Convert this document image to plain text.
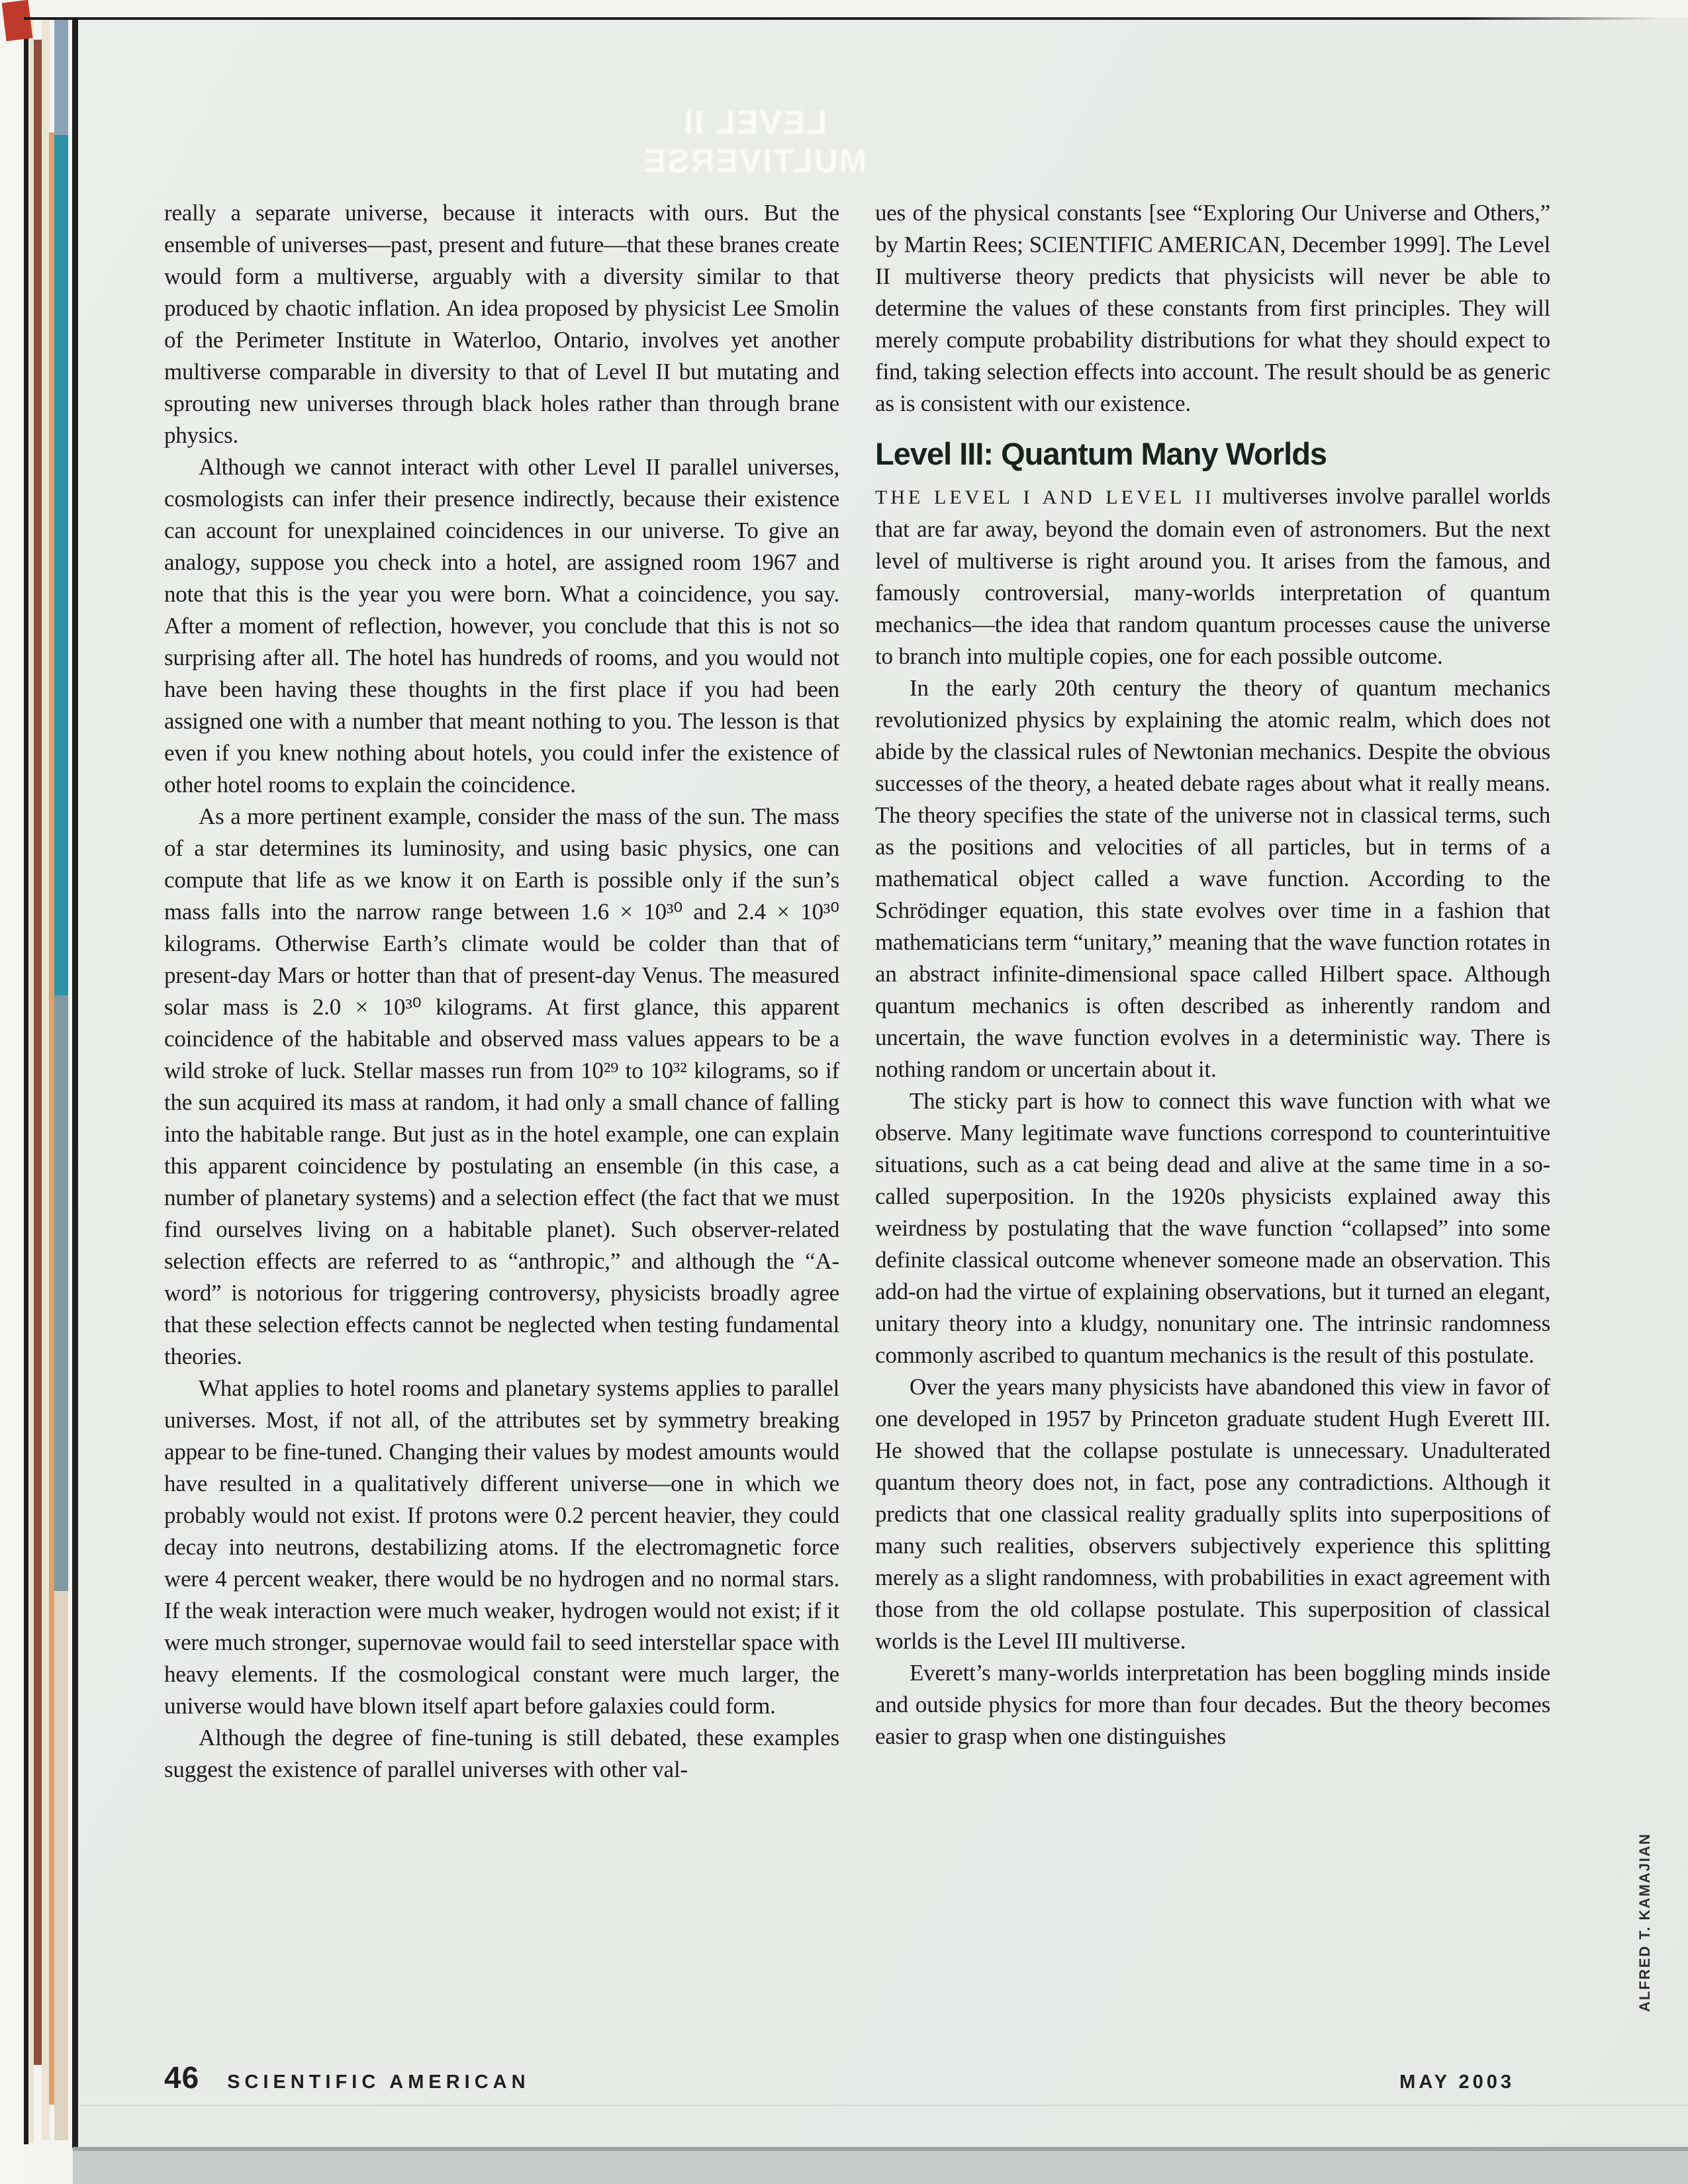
LEVEL II MULTIVERSE

really a separate universe, because it interacts with ours. But the ensemble of universes—past, present and future—that these branes create would form a multiverse, arguably with a diversity similar to that produced by chaotic inflation. An idea proposed by physicist Lee Smolin of the Perimeter Institute in Waterloo, Ontario, involves yet another multiverse comparable in diversity to that of Level II but mutating and sprouting new universes through black holes rather than through brane physics.

Although we cannot interact with other Level II parallel universes, cosmologists can infer their presence indirectly, because their existence can account for unexplained coincidences in our universe. To give an analogy, suppose you check into a hotel, are assigned room 1967 and note that this is the year you were born. What a coincidence, you say. After a moment of reflection, however, you conclude that this is not so surprising after all. The hotel has hundreds of rooms, and you would not have been having these thoughts in the first place if you had been assigned one with a number that meant nothing to you. The lesson is that even if you knew nothing about hotels, you could infer the existence of other hotel rooms to explain the coincidence.

As a more pertinent example, consider the mass of the sun. The mass of a star determines its luminosity, and using basic physics, one can compute that life as we know it on Earth is possible only if the sun’s mass falls into the narrow range between 1.6 × 10³⁰ and 2.4 × 10³⁰ kilograms. Otherwise Earth’s climate would be colder than that of present-day Mars or hotter than that of present-day Venus. The measured solar mass is 2.0 × 10³⁰ kilograms. At first glance, this apparent coincidence of the habitable and observed mass values appears to be a wild stroke of luck. Stellar masses run from 10²⁹ to 10³² kilograms, so if the sun acquired its mass at random, it had only a small chance of falling into the habitable range. But just as in the hotel example, one can explain this apparent coincidence by postulating an ensemble (in this case, a number of planetary systems) and a selection effect (the fact that we must find ourselves living on a habitable planet). Such observer-related selection effects are referred to as “anthropic,” and although the “A-word” is notorious for triggering controversy, physicists broadly agree that these selection effects cannot be neglected when testing fundamental theories.

What applies to hotel rooms and planetary systems applies to parallel universes. Most, if not all, of the attributes set by symmetry breaking appear to be fine-tuned. Changing their values by modest amounts would have resulted in a qualitatively different universe—one in which we probably would not exist. If protons were 0.2 percent heavier, they could decay into neutrons, destabilizing atoms. If the electromagnetic force were 4 percent weaker, there would be no hydrogen and no normal stars. If the weak interaction were much weaker, hydrogen would not exist; if it were much stronger, supernovae would fail to seed interstellar space with heavy elements. If the cosmological constant were much larger, the universe would have blown itself apart before galaxies could form.

Although the degree of fine-tuning is still debated, these examples suggest the existence of parallel universes with other val-

ues of the physical constants [see “Exploring Our Universe and Others,” by Martin Rees; SCIENTIFIC AMERICAN, December 1999]. The Level II multiverse theory predicts that physicists will never be able to determine the values of these constants from first principles. They will merely compute probability distributions for what they should expect to find, taking selection effects into account. The result should be as generic as is consistent with our existence.

Level III: Quantum Many Worlds

THE LEVEL I AND LEVEL II multiverses involve parallel worlds that are far away, beyond the domain even of astronomers. But the next level of multiverse is right around you. It arises from the famous, and famously controversial, many-worlds interpretation of quantum mechanics—the idea that random quantum processes cause the universe to branch into multiple copies, one for each possible outcome.

In the early 20th century the theory of quantum mechanics revolutionized physics by explaining the atomic realm, which does not abide by the classical rules of Newtonian mechanics. Despite the obvious successes of the theory, a heated debate rages about what it really means. The theory specifies the state of the universe not in classical terms, such as the positions and velocities of all particles, but in terms of a mathematical object called a wave function. According to the Schrödinger equation, this state evolves over time in a fashion that mathematicians term “unitary,” meaning that the wave function rotates in an abstract infinite-dimensional space called Hilbert space. Although quantum mechanics is often described as inherently random and uncertain, the wave function evolves in a deterministic way. There is nothing random or uncertain about it.

The sticky part is how to connect this wave function with what we observe. Many legitimate wave functions correspond to counterintuitive situations, such as a cat being dead and alive at the same time in a so-called superposition. In the 1920s physicists explained away this weirdness by postulating that the wave function “collapsed” into some definite classical outcome whenever someone made an observation. This add-on had the virtue of explaining observations, but it turned an elegant, unitary theory into a kludgy, nonunitary one. The intrinsic randomness commonly ascribed to quantum mechanics is the result of this postulate.

Over the years many physicists have abandoned this view in favor of one developed in 1957 by Princeton graduate student Hugh Everett III. He showed that the collapse postulate is unnecessary. Unadulterated quantum theory does not, in fact, pose any contradictions. Although it predicts that one classical reality gradually splits into superpositions of many such realities, observers subjectively experience this splitting merely as a slight randomness, with probabilities in exact agreement with those from the old collapse postulate. This superposition of classical worlds is the Level III multiverse.

Everett’s many-worlds interpretation has been boggling minds inside and outside physics for more than four decades. But the theory becomes easier to grasp when one distinguishes

46 SCIENTIFIC AMERICAN	MAY 2003
ALFRED T. KAMAJIAN
